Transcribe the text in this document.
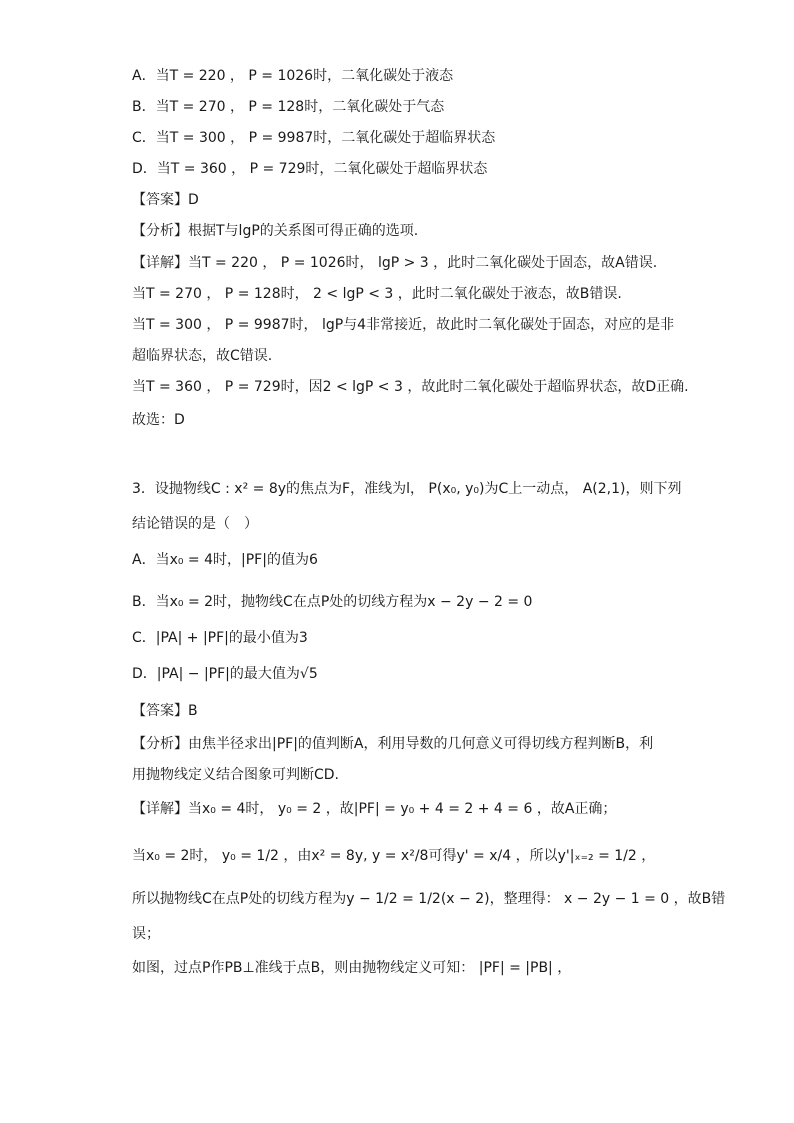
A．当T = 220 ， P = 1026时，二氧化碳处于液态
B．当T = 270 ， P = 128时，二氧化碳处于气态
C．当T = 300 ， P = 9987时，二氧化碳处于超临界状态
D．当T = 360 ， P = 729时，二氧化碳处于超临界状态
【答案】D
【分析】根据T与lgP的关系图可得正确的选项.
【详解】当T = 220 ， P = 1026时， lgP > 3 ，此时二氧化碳处于固态，故A错误.
当T = 270 ， P = 128时， 2 < lgP < 3 ，此时二氧化碳处于液态，故B错误.
当T = 300 ， P = 9987时， lgP与4非常接近，故此时二氧化碳处于固态，对应的是非
超临界状态，故C错误.
当T = 360 ， P = 729时，因2 < lgP < 3 ，故此时二氧化碳处于超临界状态，故D正确.
故选：D
3．设抛物线C : x² = 8y的焦点为F，准线为l， P(x₀, y₀)为C上一动点， A(2,1)，则下列
结论错误的是（　）
A．当x₀ = 4时，|PF|的值为6
B．当x₀ = 2时，抛物线C在点P处的切线方程为x − 2y − 2 = 0
C．|PA| + |PF|的最小值为3
D．|PA| − |PF|的最大值为√5
【答案】B
【分析】由焦半径求出|PF|的值判断A，利用导数的几何意义可得切线方程判断B，利
用抛物线定义结合图象可判断CD.
【详解】当x₀ = 4时， y₀ = 2 ，故|PF| = y₀ + 4 = 2 + 4 = 6 ，故A正确；
当x₀ = 2时， y₀ = 1/2 ，由x² = 8y, y = x²/8可得y' = x/4 ，所以y'|ₓ₌₂ = 1/2 ，
所以抛物线C在点P处的切线方程为y − 1/2 = 1/2(x − 2)，整理得： x − 2y − 1 = 0 ，故B错
误；
如图，过点P作PB⊥准线于点B，则由抛物线定义可知： |PF| = |PB| ，
